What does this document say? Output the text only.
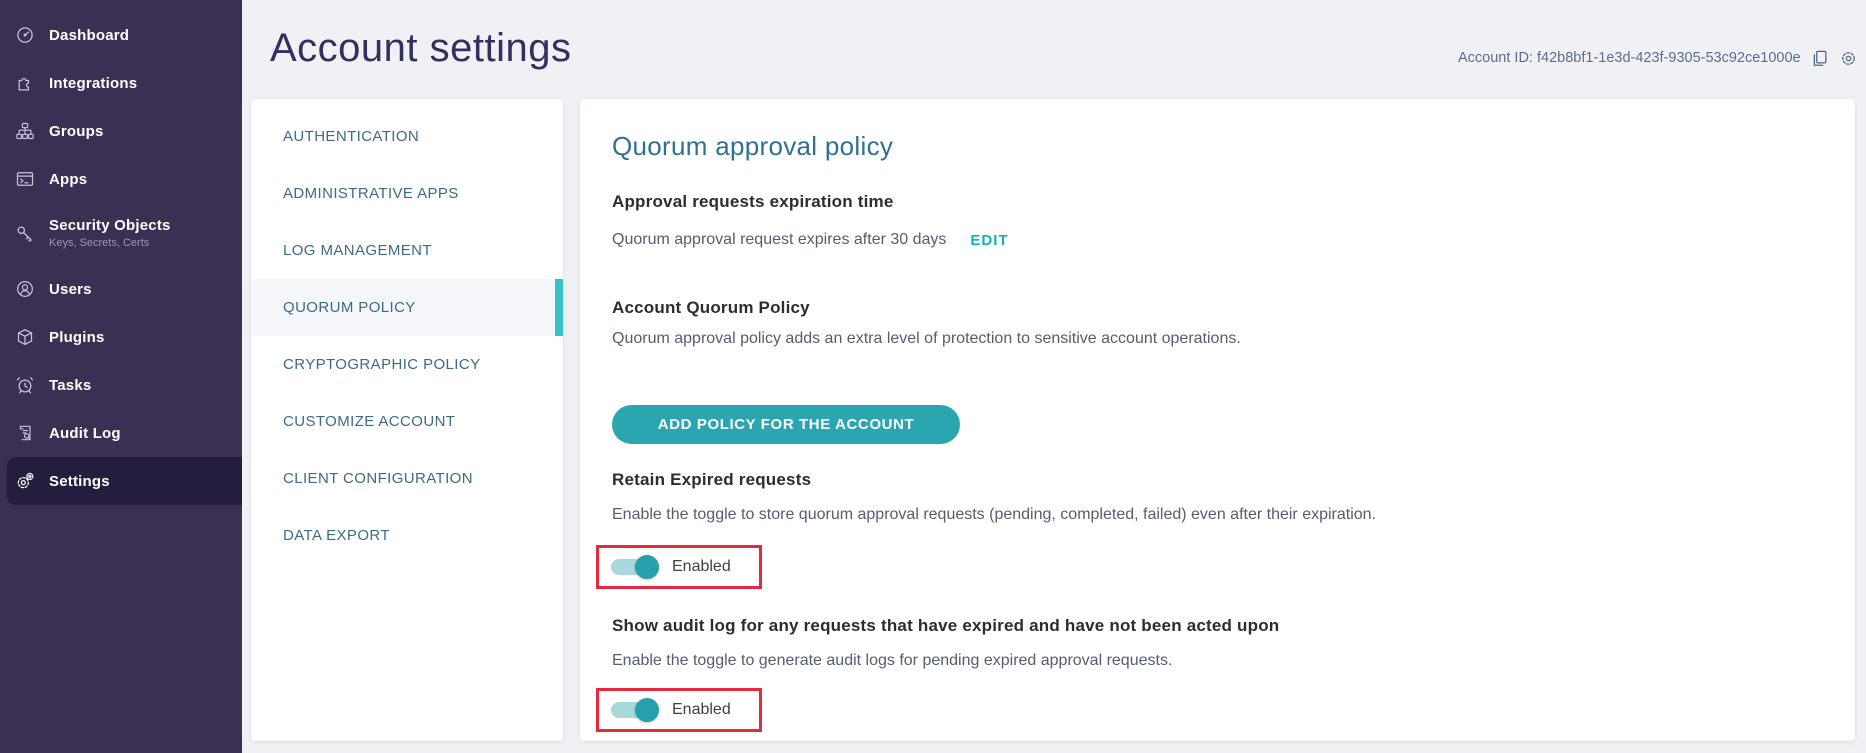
Dashboard
Integrations
Groups
Apps
Security Objects
Keys, Secrets, Certs
Users
Plugins
Tasks
Audit Log
Settings
Account settings	Account ID: f42b8bf1-1e3d-423f-9305-53c92ce1000e
AUTHENTICATION
ADMINISTRATIVE APPS
LOG MANAGEMENT
QUORUM POLICY
CRYPTOGRAPHIC POLICY
CUSTOMIZE ACCOUNT
CLIENT CONFIGURATION
DATA EXPORT
Quorum approval policy
Approval requests expiration time
Quorum approval request expires after 30 days EDIT
Account Quorum Policy
Quorum approval policy adds an extra level of protection to sensitive account operations.
ADD POLICY FOR THE ACCOUNT
Retain Expired requests
Enable the toggle to store quorum approval requests (pending, completed, failed) even after their expiration.
Enabled
Show audit log for any requests that have expired and have not been acted upon
Enable the toggle to generate audit logs for pending expired approval requests.
Enabled
